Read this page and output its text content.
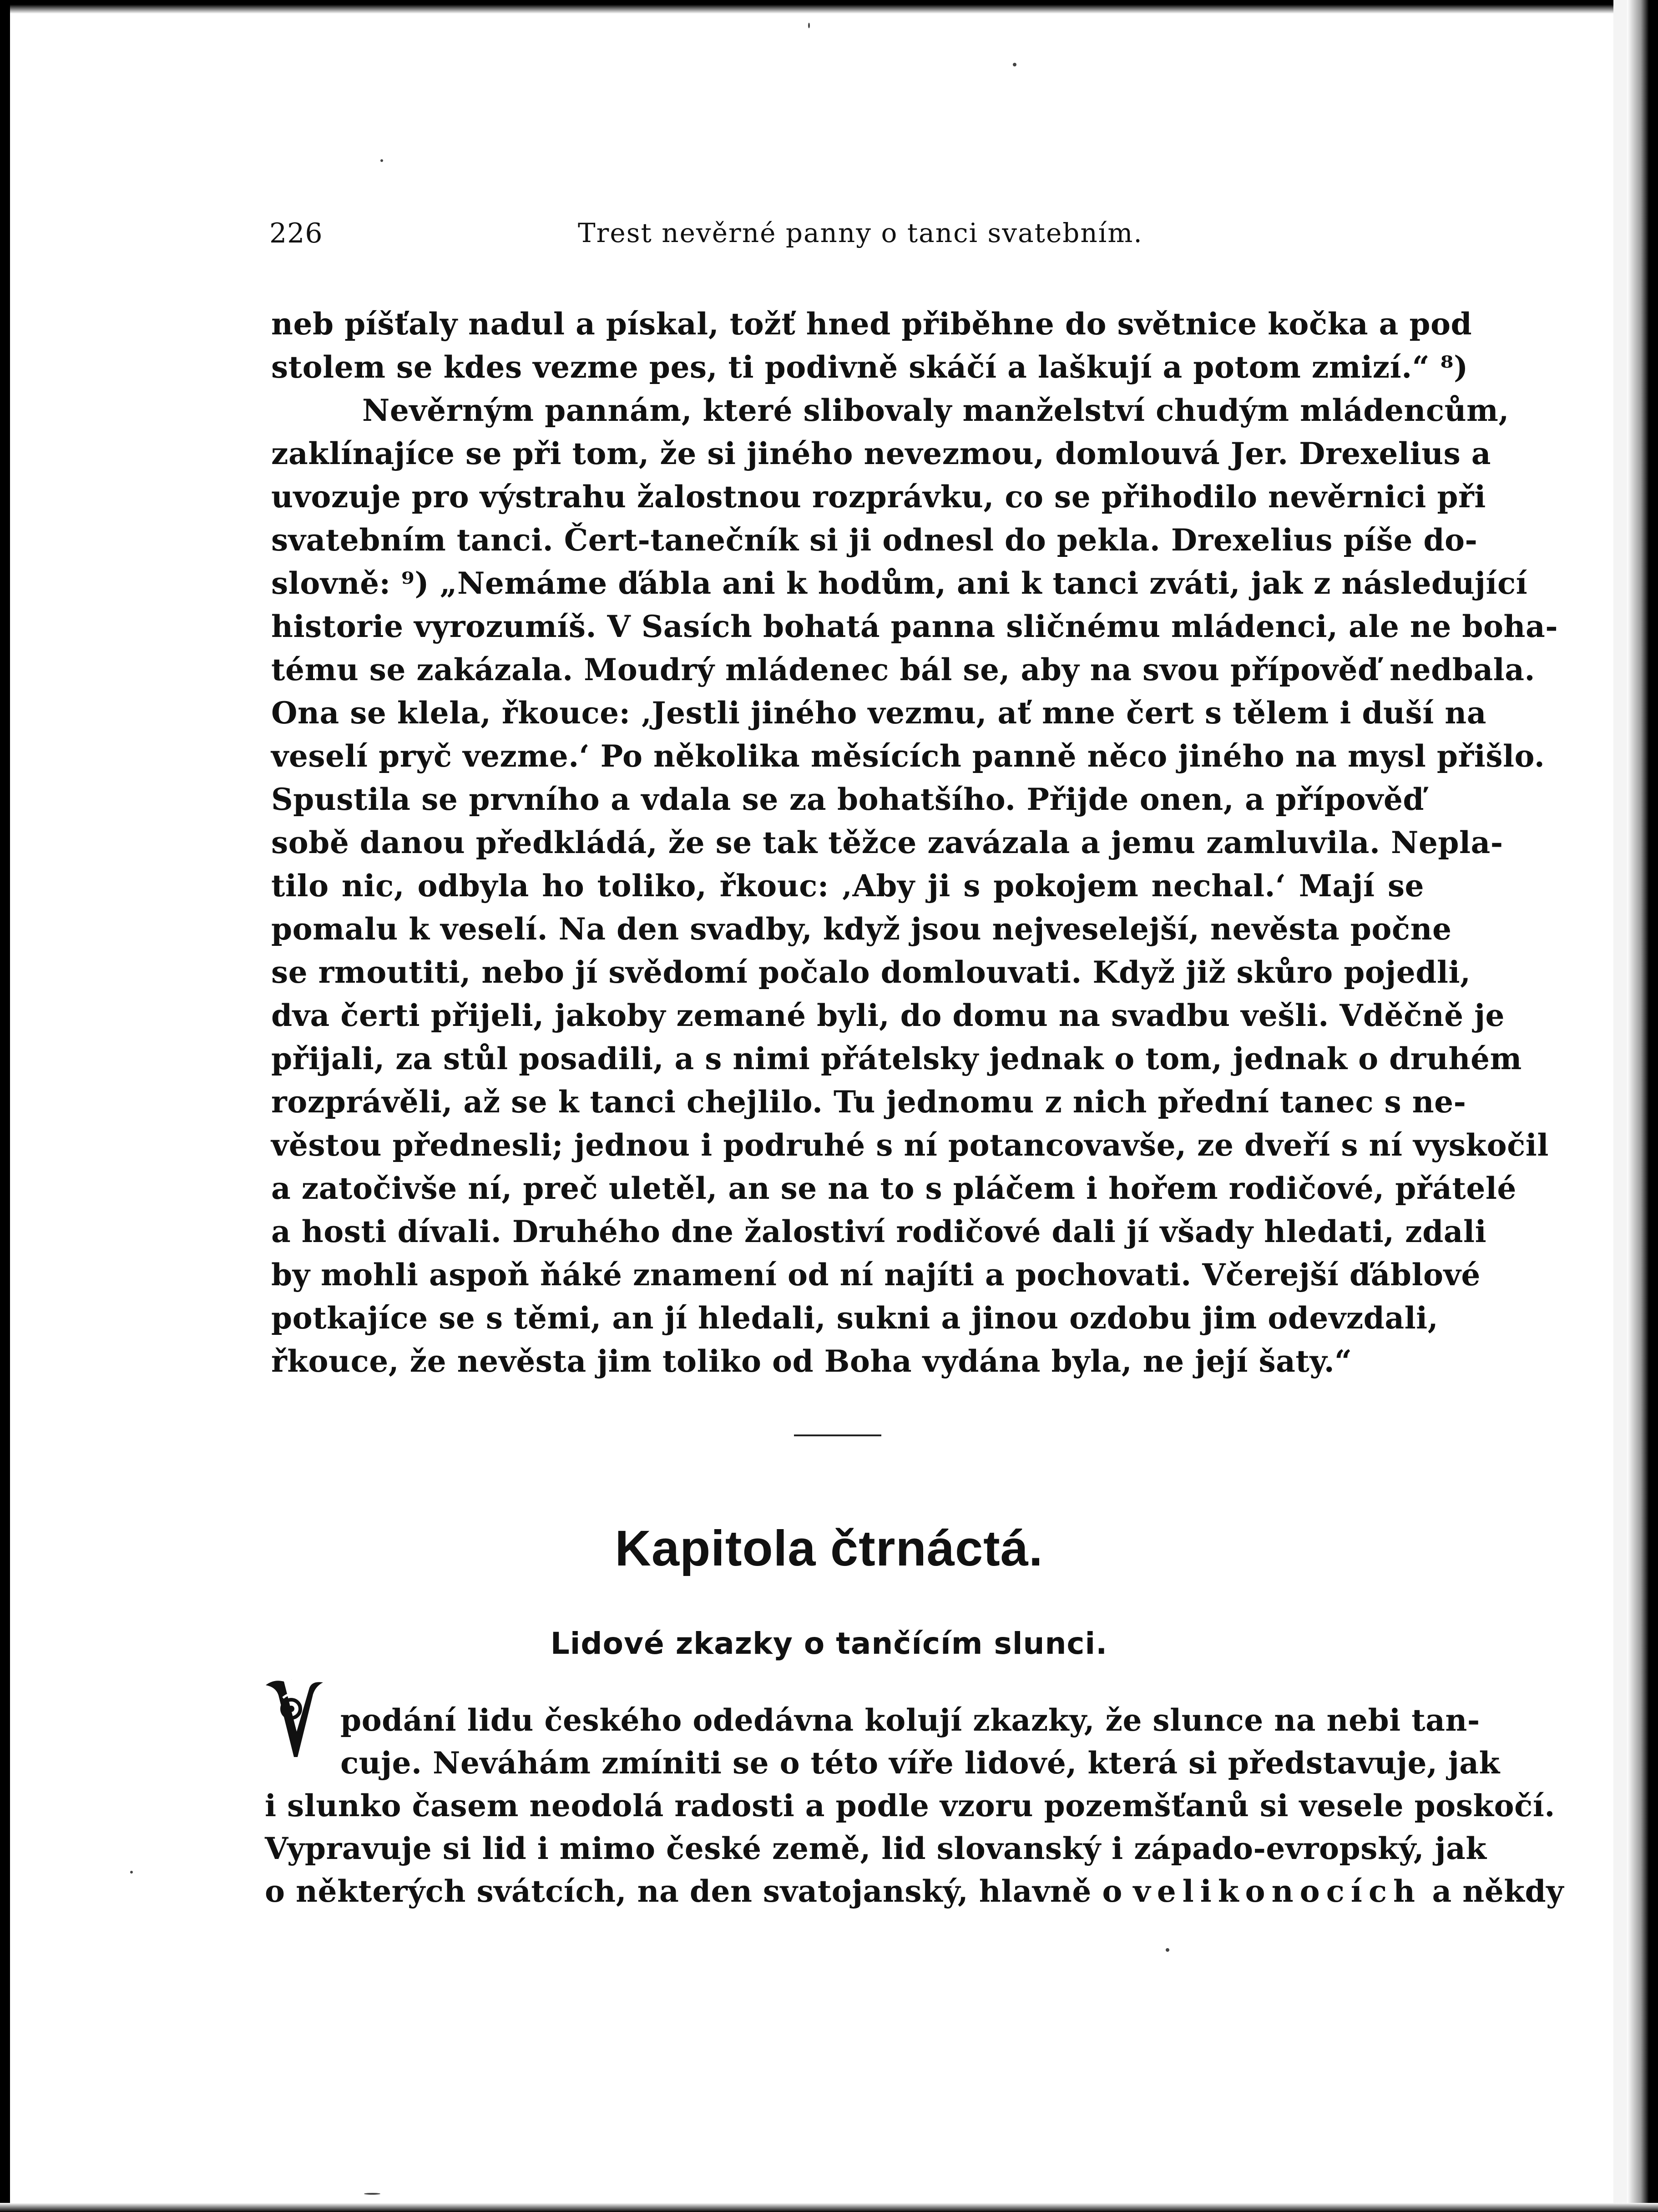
226	Trest nevěrné panny o tanci svatebním.
neb píšťaly nadul a pískal, tožť hned přiběhne do světnice kočka a pod
stolem se kdes vezme pes, ti podivně skáčí a laškují a potom zmizí.“ ⁸)
Nevěrným pannám, které slibovaly manželství chudým mládencům,
zaklínajíce se při tom, že si jiného nevezmou, domlouvá Jer. Drexelius a
uvozuje pro výstrahu žalostnou rozprávku, co se přihodilo nevěrnici při
svatebním tanci. Čert-tanečník si ji odnesl do pekla. Drexelius píše do-
slovně: ⁹) „Nemáme ďábla ani k hodům, ani k tanci zváti, jak z následující
historie vyrozumíš. V Sasích bohatá panna sličnému mládenci, ale ne boha-
tému se zakázala. Moudrý mládenec bál se, aby na svou přípověď nedbala.
Ona se klela, řkouce: ‚Jestli jiného vezmu, ať mne čert s tělem i duší na
veselí pryč vezme.‘ Po několika měsících panně něco jiného na mysl přišlo.
Spustila se prvního a vdala se za bohatšího. Přijde onen, a přípověď
sobě danou předkládá, že se tak těžce zavázala a jemu zamluvila. Nepla-
tilo nic, odbyla ho toliko, řkouc: ‚Aby ji s pokojem nechal.‘ Mají se
pomalu k veselí. Na den svadby, když jsou nejveselejší, nevěsta počne
se rmoutiti, nebo jí svědomí počalo domlouvati. Když již skůro pojedli,
dva čerti přijeli, jakoby zemané byli, do domu na svadbu vešli. Vděčně je
přijali, za stůl posadili, a s nimi přátelsky jednak o tom, jednak o druhém
rozprávěli, až se k tanci chejlilo. Tu jednomu z nich přední tanec s ne-
věstou přednesli; jednou i podruhé s ní potancovavše, ze dveří s ní vyskočil
a zatočivše ní, preč uletěl, an se na to s pláčem i hořem rodičové, přátelé
a hosti dívali. Druhého dne žalostiví rodičové dali jí všady hledati, zdali
by mohli aspoň ňáké znamení od ní najíti a pochovati. Včerejší ďáblové
potkajíce se s těmi, an jí hledali, sukni a jinou ozdobu jim odevzdali,
řkouce, že nevěsta jim toliko od Boha vydána byla, ne její šaty.“
Kapitola čtrnáctá.
Lidové zkazky o tančícím slunci.
V
podání lidu českého odedávna kolují zkazky, že slunce na nebi tan-
cuje. Neváhám zmíniti se o této víře lidové, která si představuje, jak
i slunko časem neodolá radosti a podle vzoru pozemšťanů si vesele poskočí.
Vypravuje si lid i mimo české země, lid slovanský i západo-evropský, jak
o některých svátcích, na den svatojanský, hlavně o velikonocích a někdy
